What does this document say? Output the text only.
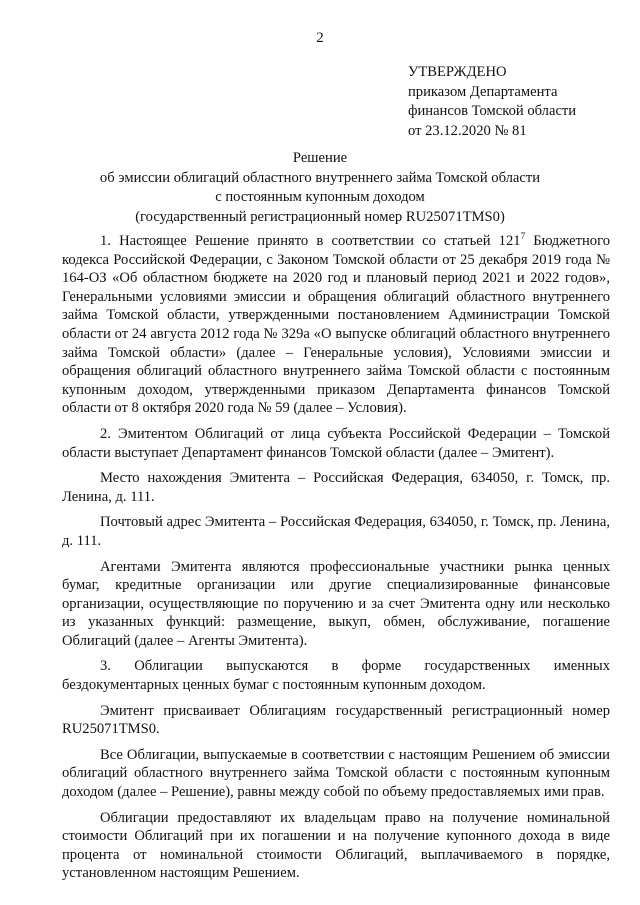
2
УТВЕРЖДЕНО
приказом Департамента
финансов Томской области
от 23.12.2020 № 81
Решение
об эмиссии облигаций областного внутреннего займа Томской области
с постоянным купонным доходом
(государственный регистрационный номер RU25071TMS0)

1. Настоящее Решение принято в соответствии со статьей $121^7$ Бюджетного кодекса Российской Федерации, с Законом Томской области от 25 декабря 2019 года № 164-ОЗ «Об областном бюджете на 2020 год и плановый период 2021 и 2022 годов», Генеральными условиями эмиссии и обращения облигаций областного внутреннего займа Томской области, утвержденными постановлением Администрации Томской области от 24 августа 2012 года № 329а «О выпуске облигаций областного внутреннего займа Томской области» (далее – Генеральные условия), Условиями эмиссии и обращения облигаций областного внутреннего займа Томской области с постоянным купонным доходом, утвержденными приказом Департамента финансов Томской области от 8 октября 2020 года № 59 (далее – Условия).

2. Эмитентом Облигаций от лица субъекта Российской Федерации – Томской области выступает Департамент финансов Томской области (далее – Эмитент).

Место нахождения Эмитента – Российская Федерация, 634050, г. Томск, пр. Ленина, д. 111.

Почтовый адрес Эмитента – Российская Федерация, 634050, г. Томск, пр. Ленина, д. 111.

Агентами Эмитента являются профессиональные участники рынка ценных бумаг, кредитные организации или другие специализированные финансовые организации, осуществляющие по поручению и за счет Эмитента одну или несколько из указанных функций: размещение, выкуп, обмен, обслуживание, погашение Облигаций (далее – Агенты Эмитента).

3. Облигации выпускаются в форме государственных именных бездокументарных ценных бумаг с постоянным купонным доходом.

Эмитент присваивает Облигациям государственный регистрационный номер RU25071TMS0.

Все Облигации, выпускаемые в соответствии с настоящим Решением об эмиссии облигаций областного внутреннего займа Томской области с постоянным купонным доходом (далее – Решение), равны между собой по объему предоставляемых ими прав.

Облигации предоставляют их владельцам право на получение номинальной стоимости Облигаций при их погашении и на получение купонного дохода в виде процента от номинальной стоимости Облигаций, выплачиваемого в порядке, установленном настоящим Решением.
